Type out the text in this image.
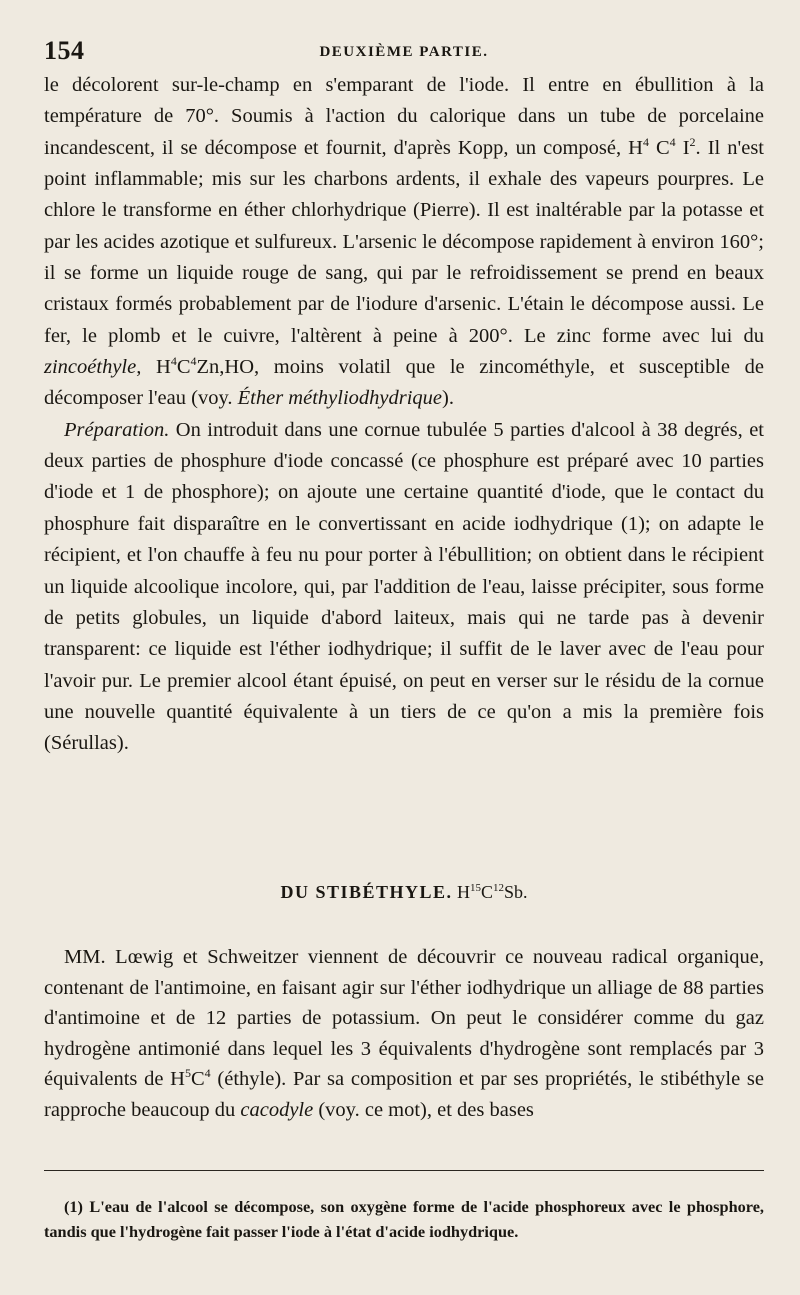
154	DEUXIÈME PARTIE.

le décolorent sur-le-champ en s'emparant de l'iode. Il entre en ébullition à la température de 70°. Soumis à l'action du calorique dans un tube de porcelaine incandescent, il se décompose et fournit, d'après Kopp, un composé, $H^4$ $C^4$ $I^2$. Il n'est point inflammable; mis sur les charbons ardents, il exhale des vapeurs pourpres. Le chlore le transforme en éther chlorhydrique (Pierre). Il est inaltérable par la potasse et par les acides azotique et sulfureux. L'arsenic le décompose rapidement à environ 160°; il se forme un liquide rouge de sang, qui par le refroidissement se prend en beaux cristaux formés probablement par de l'iodure d'arsenic. L'étain le décompose aussi. Le fer, le plomb et le cuivre, l'altèrent à peine à 200°. Le zinc forme avec lui du zincoéthyle, $H^4C^4Zn,HO$, moins volatil que le zincométhyle, et susceptible de décomposer l'eau (voy. Éther méthyliodhydrique).

Préparation. On introduit dans une cornue tubulée 5 parties d'alcool à 38 degrés, et deux parties de phosphure d'iode concassé (ce phosphure est préparé avec 10 parties d'iode et 1 de phosphore); on ajoute une certaine quantité d'iode, que le contact du phosphure fait disparaître en le convertissant en acide iodhydrique (1); on adapte le récipient, et l'on chauffe à feu nu pour porter à l'ébullition; on obtient dans le récipient un liquide alcoolique incolore, qui, par l'addition de l'eau, laisse précipiter, sous forme de petits globules, un liquide d'abord laiteux, mais qui ne tarde pas à devenir transparent: ce liquide est l'éther iodhydrique; il suffit de le laver avec de l'eau pour l'avoir pur. Le premier alcool étant épuisé, on peut en verser sur le résidu de la cornue une nouvelle quantité équivalente à un tiers de ce qu'on a mis la première fois (Sérullas).

DU STIBÉTHYLE. $H^{15}C^{12}Sb$.

MM. Lœwig et Schweitzer viennent de découvrir ce nouveau radical organique, contenant de l'antimoine, en faisant agir sur l'éther iodhydrique un alliage de 88 parties d'antimoine et de 12 parties de potassium. On peut le considérer comme du gaz hydrogène antimonié dans lequel les 3 équivalents d'hydrogène sont remplacés par 3 équivalents de $H^5C^4$ (éthyle). Par sa composition et par ses propriétés, le stibéthyle se rapproche beaucoup du cacodyle (voy. ce mot), et des bases

(1) L'eau de l'alcool se décompose, son oxygène forme de l'acide phosphoreux avec le phosphore, tandis que l'hydrogène fait passer l'iode à l'état d'acide iodhydrique.
